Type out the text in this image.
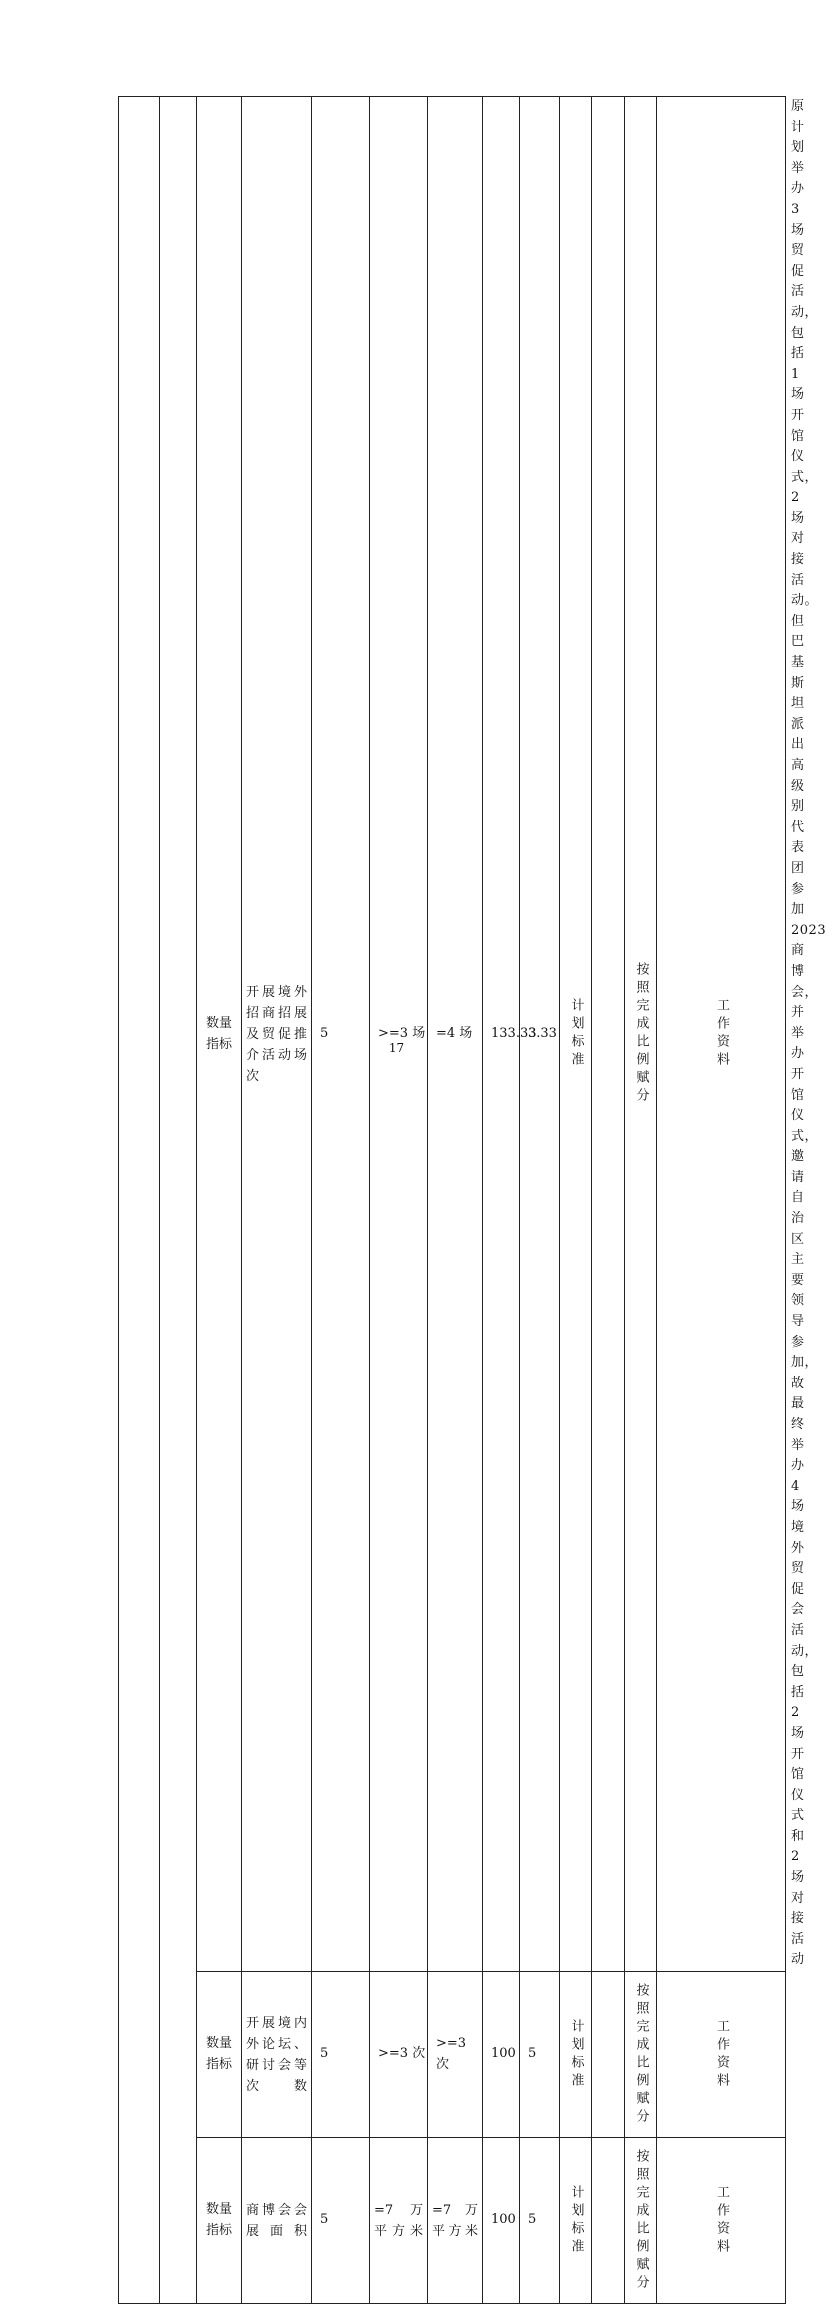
		数量指标	开展境外招商招展及贸促推介活动场次	5	>=3 场	=4 场	133.33	3.33	计划标准		按照完成比例赋分	工作资料	原计划举办 3 场贸促活动，包括 1 场开馆仪式，2 场对接活动。但巴基斯坦派出高级别代表团参加 2023 商博会，并举办开馆仪式，邀请自治区主要领导参加，故最终举办 4 场境外贸促会活动，包括 2 场开馆仪式和 2 场对接活动
		数量指标	开展境内外论坛、研讨会等次数	5	>=3 次	>=3 次	100	5	计划标准		按照完成比例赋分	工作资料	

		数量指标	商博会会展面积	5	=7 万平方米	=7 万平方米	100	5	计划标准		按照完成比例赋分	工作资料	

17
